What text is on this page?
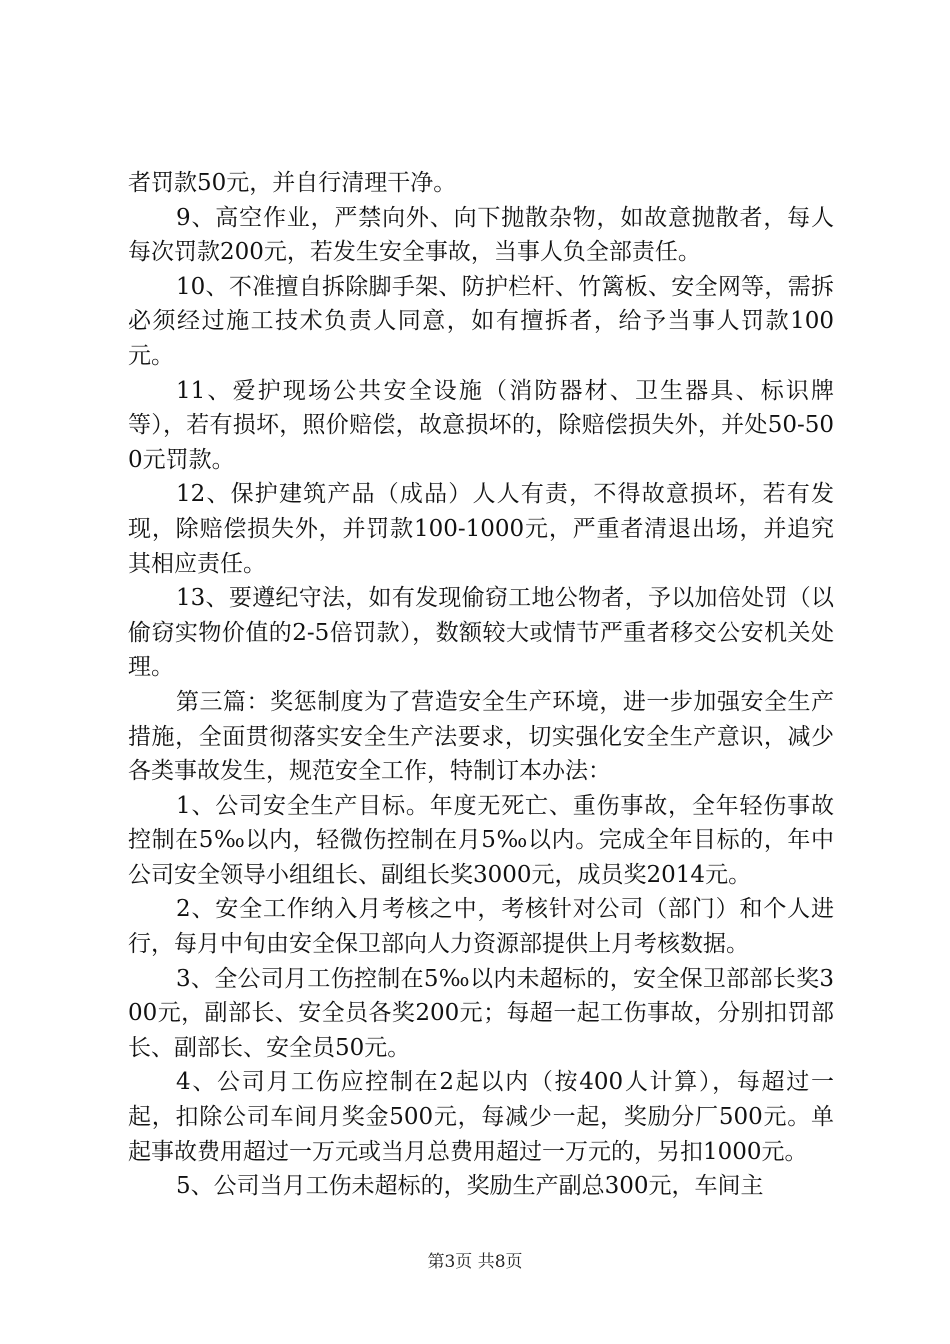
者罚款50元，并自行清理干净。

9、高空作业，严禁向外、向下抛散杂物，如故意抛散者，每人每次罚款200元，若发生安全事故，当事人负全部责任。

10、不准擅自拆除脚手架、防护栏杆、竹篱板、安全网等，需拆必须经过施工技术负责人同意，如有擅拆者，给予当事人罚款100元。

11、爱护现场公共安全设施（消防器材、卫生器具、标识牌等），若有损坏，照价赔偿，故意损坏的，除赔偿损失外，并处50-500元罚款。

12、保护建筑产品（成品）人人有责，不得故意损坏，若有发现，除赔偿损失外，并罚款100-1000元，严重者清退出场，并追究其相应责任。

13、要遵纪守法，如有发现偷窃工地公物者，予以加倍处罚（以偷窃实物价值的2-5倍罚款），数额较大或情节严重者移交公安机关处理。

第三篇：奖惩制度为了营造安全生产环境，进一步加强安全生产措施，全面贯彻落实安全生产法要求，切实强化安全生产意识，减少各类事故发生，规范安全工作，特制订本办法：

1、公司安全生产目标。年度无死亡、重伤事故，全年轻伤事故控制在5‰以内，轻微伤控制在月5‰以内。完成全年目标的，年中公司安全领导小组组长、副组长奖3000元，成员奖2014元。

2、安全工作纳入月考核之中，考核针对公司（部门）和个人进行，每月中旬由安全保卫部向人力资源部提供上月考核数据。

3、全公司月工伤控制在5‰以内未超标的，安全保卫部部长奖300元，副部长、安全员各奖200元；每超一起工伤事故，分别扣罚部长、副部长、安全员50元。

4、公司月工伤应控制在2起以内（按400人计算），每超过一起，扣除公司车间月奖金500元，每减少一起，奖励分厂500元。单起事故费用超过一万元或当月总费用超过一万元的，另扣1000元。

5、公司当月工伤未超标的，奖励生产副总300元，车间主

第3页 共8页
